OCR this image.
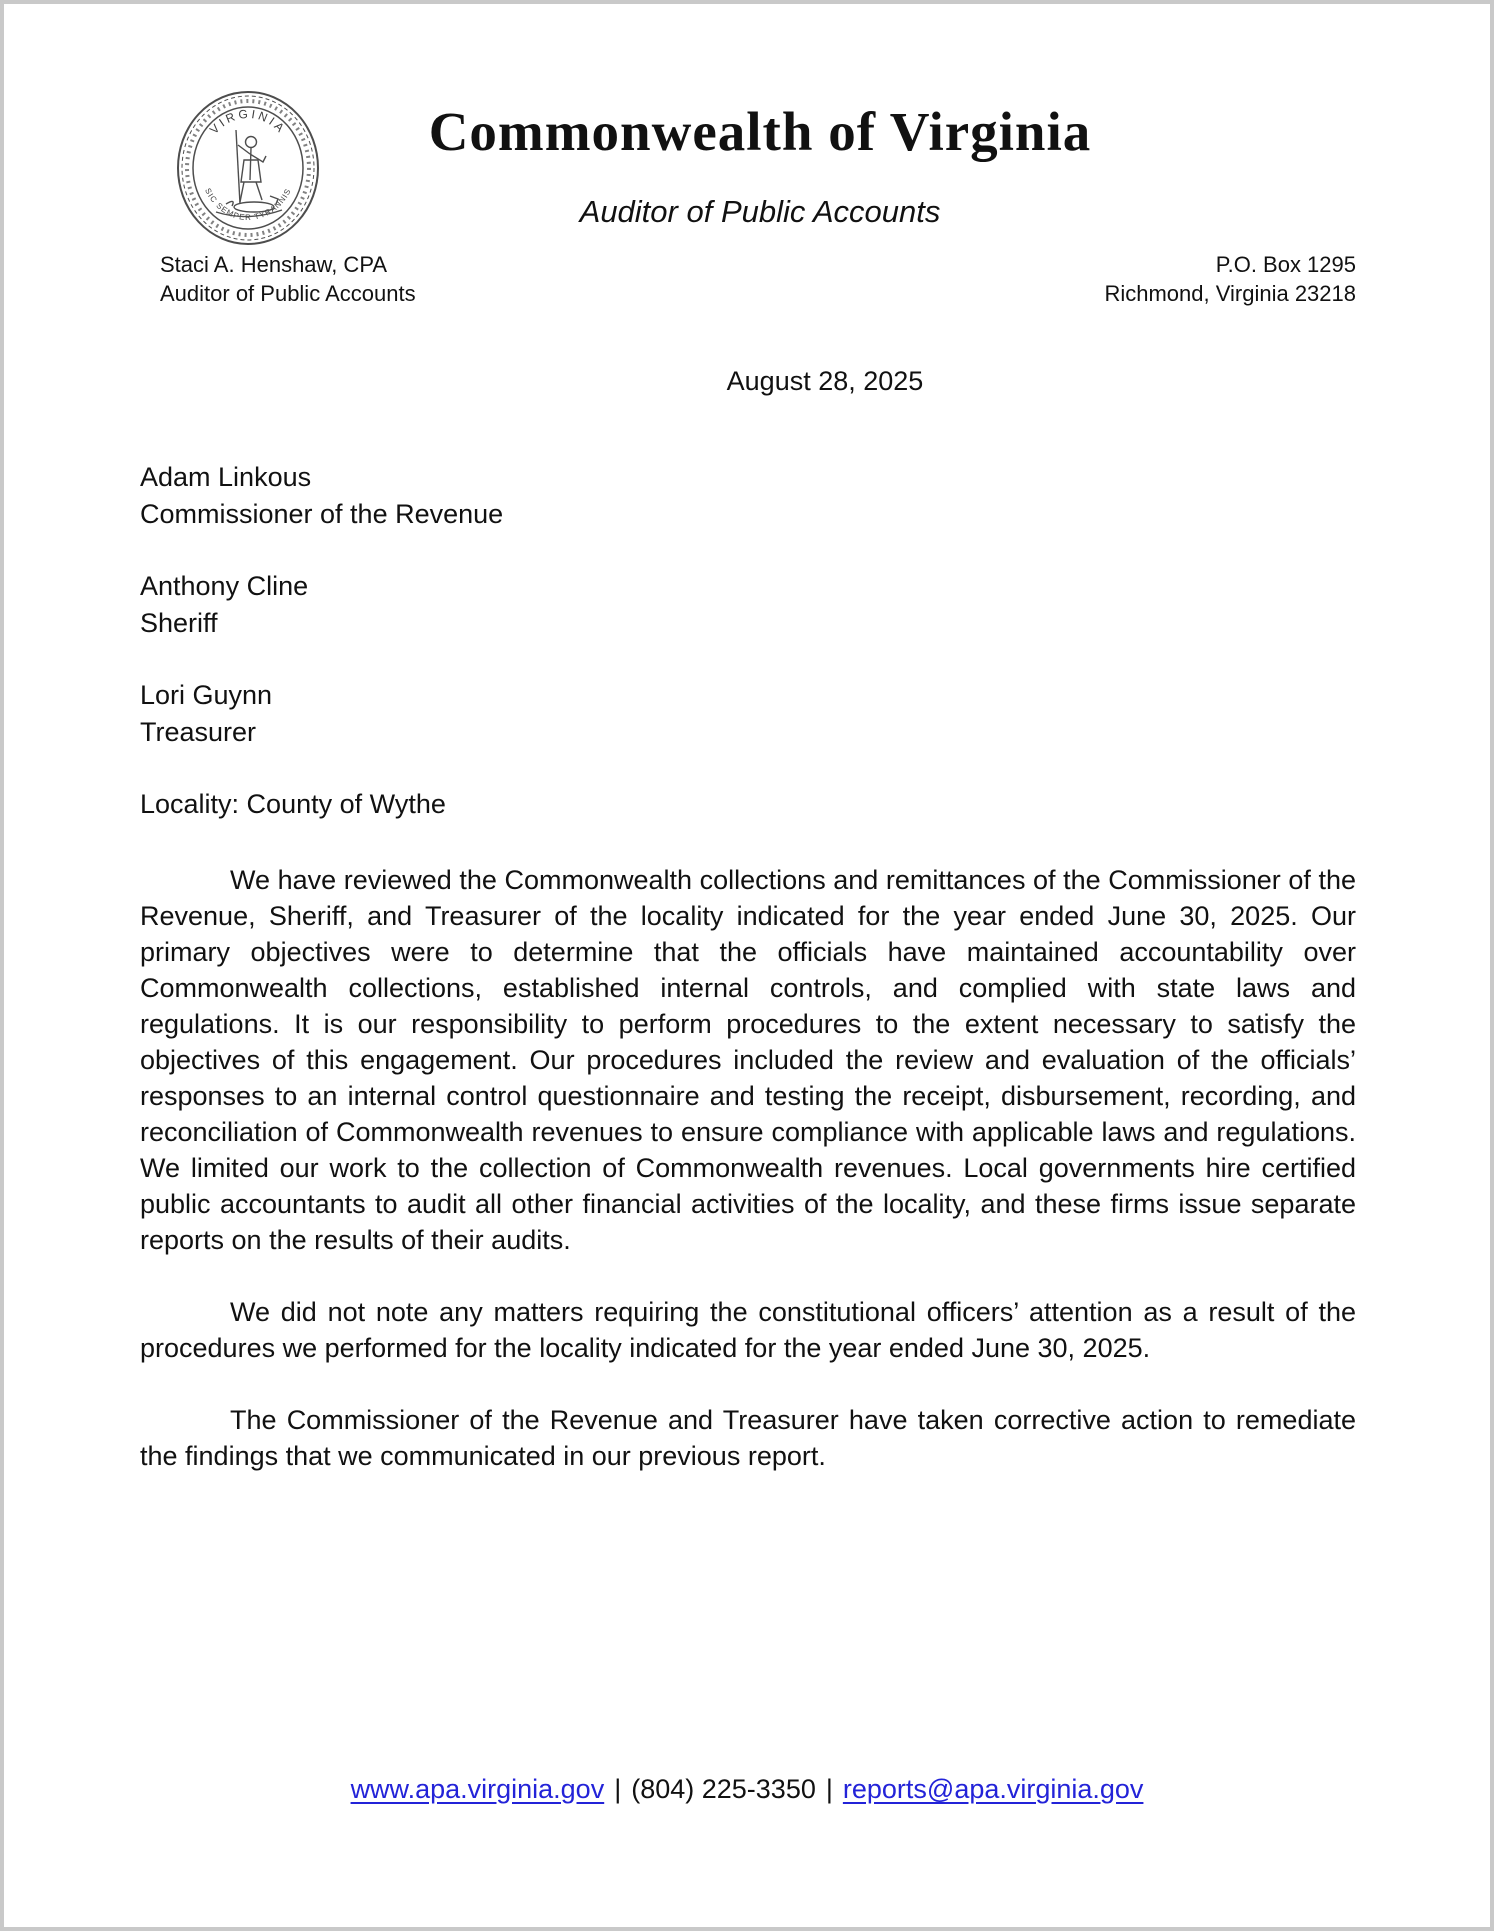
VIRGINIA
SIC SEMPER TYRANNIS
Commonwealth of Virginia
Auditor of Public Accounts
Staci A. Henshaw, CPA
Auditor of Public Accounts
P.O. Box 1295
Richmond, Virginia 23218
August 28, 2025
Adam Linkous
Commissioner of the Revenue
Anthony Cline
Sheriff
Lori Guynn
Treasurer
Locality: County of Wythe

We have reviewed the Commonwealth collections and remittances of the Commissioner of the Revenue, Sheriff, and Treasurer of the locality indicated for the year ended June 30, 2025. Our primary objectives were to determine that the officials have maintained accountability over Commonwealth collections, established internal controls, and complied with state laws and regulations. It is our responsibility to perform procedures to the extent necessary to satisfy the objectives of this engagement. Our procedures included the review and evaluation of the officials’ responses to an internal control questionnaire and testing the receipt, disbursement, recording, and reconciliation of Commonwealth revenues to ensure compliance with applicable laws and regulations. We limited our work to the collection of Commonwealth revenues. Local governments hire certified public accountants to audit all other financial activities of the locality, and these firms issue separate reports on the results of their audits.

We did not note any matters requiring the constitutional officers’ attention as a result of the procedures we performed for the locality indicated for the year ended June 30, 2025.

The Commissioner of the Revenue and Treasurer have taken corrective action to remediate the findings that we communicated in our previous report.

www.apa.virginia.gov | (804) 225-3350 | reports@apa.virginia.gov
